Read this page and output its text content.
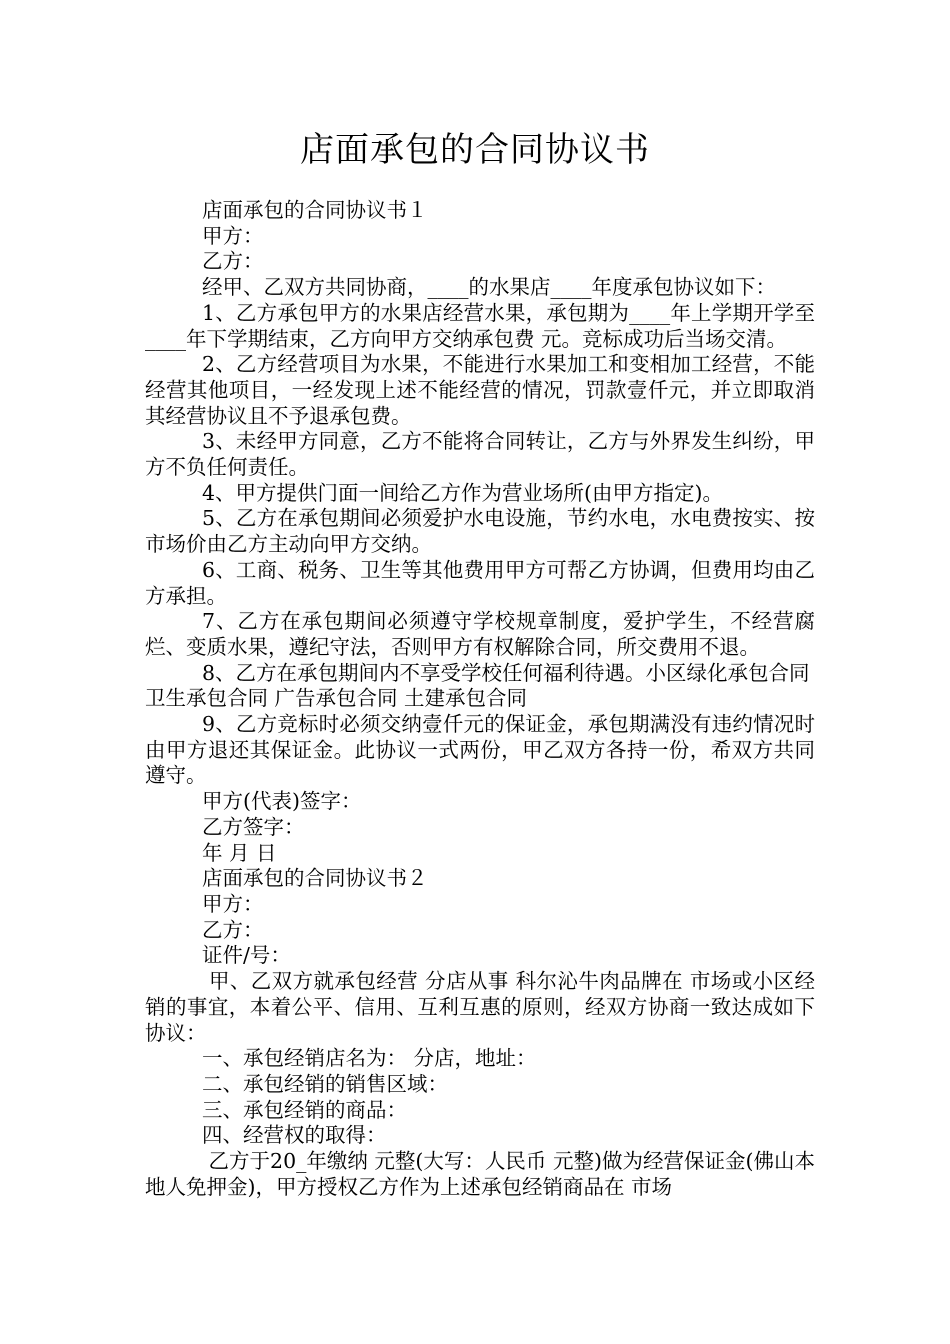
店面承包的合同协议书

店面承包的合同协议书１

甲方：

乙方：

经甲、乙双方共同协商，____的水果店____年度承包协议如下：

1、乙方承包甲方的水果店经营水果，承包期为____年上学期开学至____年下学期结束，乙方向甲方交纳承包费 元。竞标成功后当场交清。

2、乙方经营项目为水果，不能进行水果加工和变相加工经营，不能经营其他项目，一经发现上述不能经营的情况，罚款壹仟元，并立即取消其经营协议且不予退承包费。

3、未经甲方同意，乙方不能将合同转让，乙方与外界发生纠纷，甲方不负任何责任。

4、甲方提供门面一间给乙方作为营业场所(由甲方指定)。

5、乙方在承包期间必须爱护水电设施，节约水电，水电费按实、按市场价由乙方主动向甲方交纳。

6、工商、税务、卫生等其他费用甲方可帮乙方协调，但费用均由乙方承担。

7、乙方在承包期间必须遵守学校规章制度，爱护学生，不经营腐烂、变质水果，遵纪守法，否则甲方有权解除合同，所交费用不退。

8、乙方在承包期间内不享受学校任何福利待遇。小区绿化承包合同 卫生承包合同 广告承包合同 土建承包合同

9、乙方竞标时必须交纳壹仟元的保证金，承包期满没有违约情况时由甲方退还其保证金。此协议一式两份，甲乙双方各持一份，希双方共同遵守。

甲方(代表)签字：

乙方签字：

年 月 日

店面承包的合同协议书２

甲方：

乙方：

证件/号：

甲、乙双方就承包经营 分店从事 科尔沁牛肉品牌在 市场或小区经销的事宜，本着公平、信用、互利互惠的原则，经双方协商一致达成如下协议：

一、承包经销店名为： 分店，地址：

二、承包经销的销售区域：

三、承包经销的商品：

四、经营权的取得：

乙方于20_年缴纳 元整(大写：人民币 元整)做为经营保证金(佛山本地人免押金)，甲方授权乙方作为上述承包经销商品在 市场
